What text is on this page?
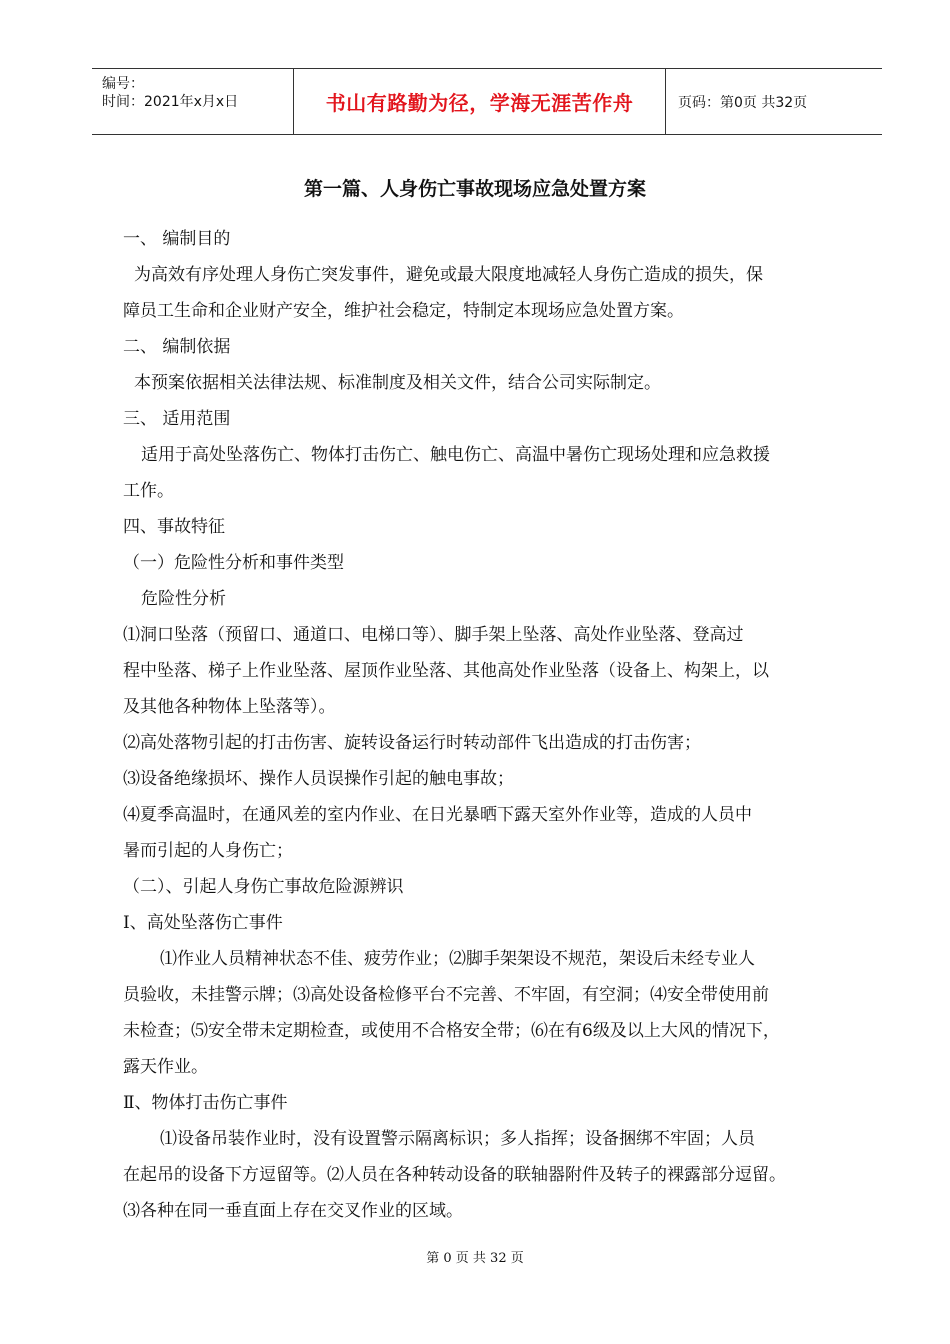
编号：
时间：2021年x月x日	书山有路勤为径，学海无涯苦作舟	页码：第0页 共32页
第一篇、人身伤亡事故现场应急处置方案
一、 编制目的
为高效有序处理人身伤亡突发事件，避免或最大限度地减轻人身伤亡造成的损失，保
障员工生命和企业财产安全，维护社会稳定，特制定本现场应急处置方案。
二、 编制依据
本预案依据相关法律法规、标准制度及相关文件，结合公司实际制定。
三、 适用范围
适用于高处坠落伤亡、物体打击伤亡、触电伤亡、高温中暑伤亡现场处理和应急救援
工作。
四、事故特征
（一）危险性分析和事件类型
危险性分析
⑴洞口坠落（预留口、通道口、电梯口等）、脚手架上坠落、高处作业坠落、登高过
程中坠落、梯子上作业坠落、屋顶作业坠落、其他高处作业坠落（设备上、构架上，以
及其他各种物体上坠落等）。
⑵高处落物引起的打击伤害、旋转设备运行时转动部件飞出造成的打击伤害；
⑶设备绝缘损坏、操作人员误操作引起的触电事故；
⑷夏季高温时，在通风差的室内作业、在日光暴晒下露天室外作业等，造成的人员中
暑而引起的人身伤亡；
（二）、引起人身伤亡事故危险源辨识
Ⅰ、高处坠落伤亡事件
⑴作业人员精神状态不佳、疲劳作业；⑵脚手架架设不规范，架设后未经专业人
员验收，未挂警示牌；⑶高处设备检修平台不完善、不牢固，有空洞；⑷安全带使用前
未检查；⑸安全带未定期检查，或使用不合格安全带；⑹在有6级及以上大风的情况下，
露天作业。
Ⅱ、物体打击伤亡事件
⑴设备吊装作业时，没有设置警示隔离标识；多人指挥；设备捆绑不牢固；人员
在起吊的设备下方逗留等。⑵人员在各种转动设备的联轴器附件及转子的裸露部分逗留。
⑶各种在同一垂直面上存在交叉作业的区域。
第 0 页 共 32 页
